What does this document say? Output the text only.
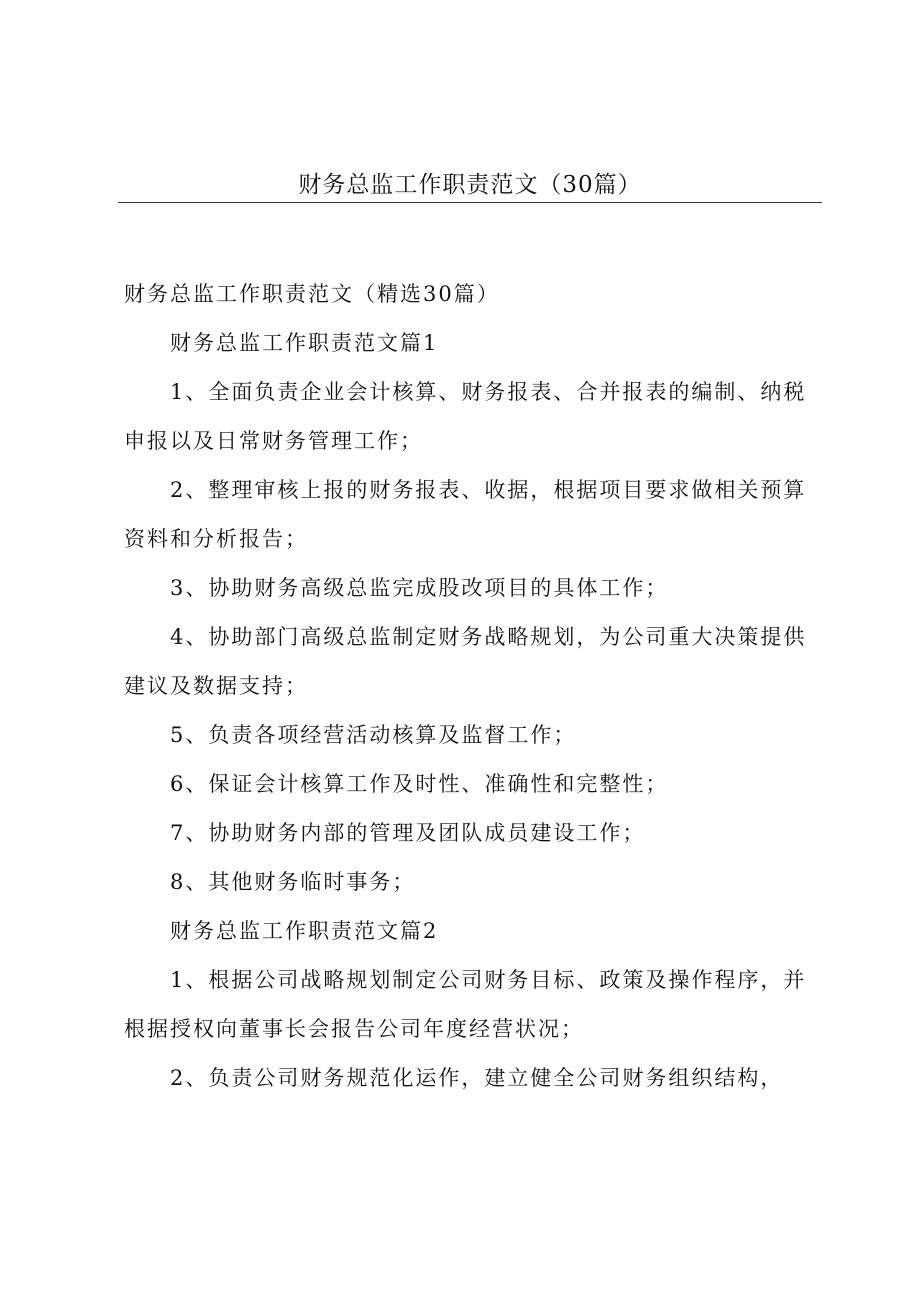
财务总监工作职责范文（30篇）
财务总监工作职责范文（精选30篇）
财务总监工作职责范文篇1
1、全面负责企业会计核算、财务报表、合并报表的编制、纳税
申报以及日常财务管理工作；
2、整理审核上报的财务报表、收据，根据项目要求做相关预算
资料和分析报告；
3、协助财务高级总监完成股改项目的具体工作；
4、协助部门高级总监制定财务战略规划，为公司重大决策提供
建议及数据支持；
5、负责各项经营活动核算及监督工作；
6、保证会计核算工作及时性、准确性和完整性；
7、协助财务内部的管理及团队成员建设工作；
8、其他财务临时事务；
财务总监工作职责范文篇2
1、根据公司战略规划制定公司财务目标、政策及操作程序，并
根据授权向董事长会报告公司年度经营状况；
2、负责公司财务规范化运作，建立健全公司财务组织结构，
